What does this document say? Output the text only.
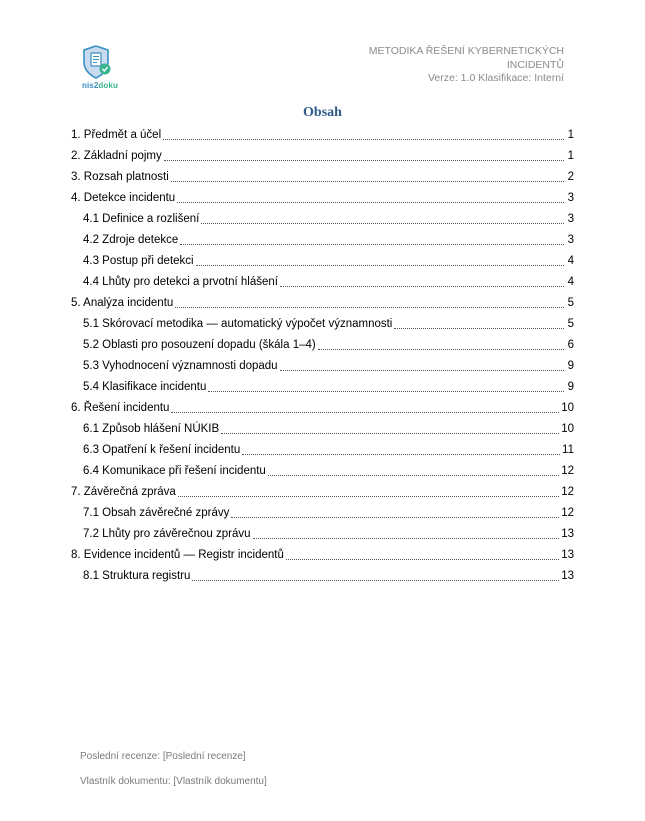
nis2doku
METODIKA ŘEŠENÍ KYBERNETICKÝCH
INCIDENTŮ
Verze: 1.0 Klasifikace: Interní
Obsah
1. Předmět a účel	1
2. Základní pojmy	1
3. Rozsah platnosti	2
4. Detekce incidentu	3
4.1 Definice a rozlišení	3
4.2 Zdroje detekce	3
4.3 Postup při detekci	4
4.4 Lhůty pro detekci a prvotní hlášení	4
5. Analýza incidentu	5
5.1 Skórovací metodika — automatický výpočet významnosti	5
5.2 Oblasti pro posouzení dopadu (škála 1–4)	6
5.3 Vyhodnocení významnosti dopadu	9
5.4 Klasifikace incidentu	9
6. Řešení incidentu	10
6.1 Způsob hlášení NÚKIB	10
6.3 Opatření k řešení incidentu	11
6.4 Komunikace při řešení incidentu	12
7. Závěrečná zpráva	12
7.1 Obsah závěrečné zprávy	12
7.2 Lhůty pro závěrečnou zprávu	13
8. Evidence incidentů — Registr incidentů	13
8.1 Struktura registru	13
Poslední recenze: [Poslední recenze]
Vlastník dokumentu: [Vlastník dokumentu]
